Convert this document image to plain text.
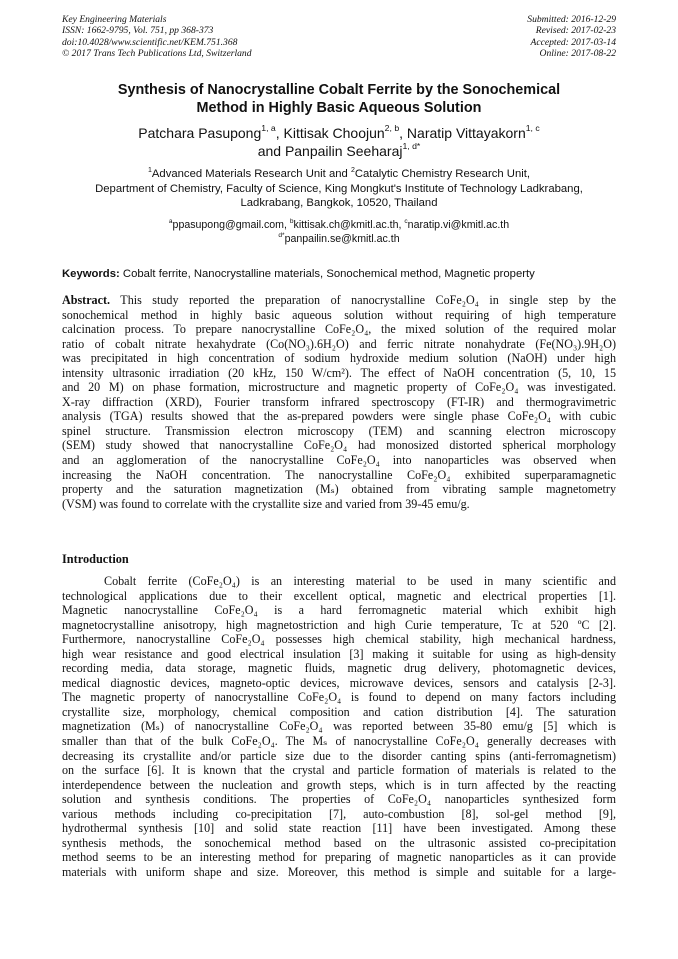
Key Engineering Materials
ISSN: 1662-9795, Vol. 751, pp 368-373
doi:10.4028/www.scientific.net/KEM.751.368
© 2017 Trans Tech Publications Ltd, Switzerland
Submitted: 2016-12-29
Revised: 2017-02-23
Accepted: 2017-03-14
Online: 2017-08-22
Synthesis of Nanocrystalline Cobalt Ferrite by the Sonochemical
Method in Highly Basic Aqueous Solution
Patchara Pasupong$^{1, a}$, Kittisak Choojun$^{2, b}$, Naratip Vittayakorn$^{1, c}$
and Panpailin Seeharaj$^{1, d*}$
$^1$Advanced Materials Research Unit and $^2$Catalytic Chemistry Research Unit,
Department of Chemistry, Faculty of Science, King Mongkut's Institute of Technology Ladkrabang,
Ladkrabang, Bangkok, 10520, Thailand
$^a$ppasupong@gmail.com, $^b$kittisak.ch@kmitl.ac.th, $^c$naratip.vi@kmitl.ac.th
$^{d*}$panpailin.se@kmitl.ac.th
Keywords: Cobalt ferrite, Nanocrystalline materials, Sonochemical method, Magnetic property
Abstract. This study reported the preparation of nanocrystalline CoFe₂O₄ in single step by the
sonochemical method in highly basic aqueous solution without requiring of high temperature
calcination process. To prepare nanocrystalline CoFe₂O₄, the mixed solution of the required molar
ratio of cobalt nitrate hexahydrate (Co(NO₃).6H₂O) and ferric nitrate nonahydrate (Fe(NO₃).9H₂O)
was precipitated in high concentration of sodium hydroxide medium solution (NaOH) under high
intensity ultrasonic irradiation (20 kHz, 150 W/cm²). The effect of NaOH concentration (5, 10, 15
and 20 M) on phase formation, microstructure and magnetic property of CoFe₂O₄ was investigated.
X-ray diffraction (XRD), Fourier transform infrared spectroscopy (FT-IR) and thermogravimetric
analysis (TGA) results showed that the as-prepared powders were single phase CoFe₂O₄ with cubic
spinel structure. Transmission electron microscopy (TEM) and scanning electron microscopy
(SEM) study showed that nanocrystalline CoFe₂O₄ had monosized distorted spherical morphology
and an agglomeration of the nanocrystalline CoFe₂O₄ into nanoparticles was observed when
increasing the NaOH concentration. The nanocrystalline CoFe₂O₄ exhibited superparamagnetic
property and the saturation magnetization (Mₛ) obtained from vibrating sample magnetometry
(VSM) was found to correlate with the crystallite size and varied from 39-45 emu/g.
Introduction
Cobalt ferrite (CoFe₂O₄) is an interesting material to be used in many scientific and
technological applications due to their excellent optical, magnetic and electrical properties [1].
Magnetic nanocrystalline CoFe₂O₄ is a hard ferromagnetic material which exhibit high
magnetocrystalline anisotropy, high magnetostriction and high Curie temperature, Tc at 520 ºC [2].
Furthermore, nanocrystalline CoFe₂O₄ possesses high chemical stability, high mechanical hardness,
high wear resistance and good electrical insulation [3] making it suitable for using as high-density
recording media, data storage, magnetic fluids, magnetic drug delivery, photomagnetic devices,
medical diagnostic devices, magneto-optic devices, microwave devices, sensors and catalysis [2-3].
The magnetic property of nanocrystalline CoFe₂O₄ is found to depend on many factors including
crystallite size, morphology, chemical composition and cation distribution [4]. The saturation
magnetization (Mₛ) of nanocrystalline CoFe₂O₄ was reported between 35-80 emu/g [5] which is
smaller than that of the bulk CoFe₂O₄. The Mₛ of nanocrystalline CoFe₂O₄ generally decreases with
decreasing its crystallite and/or particle size due to the disorder canting spins (anti-ferromagnetism)
on the surface [6]. It is known that the crystal and particle formation of materials is related to the
interdependence between the nucleation and growth steps, which is in turn affected by the reacting
solution and synthesis conditions. The properties of CoFe₂O₄ nanoparticles synthesized form
various methods including co-precipitation [7], auto-combustion [8], sol-gel method [9],
hydrothermal synthesis [10] and solid state reaction [11] have been investigated. Among these
synthesis methods, the sonochemical method based on the ultrasonic assisted co-precipitation
method seems to be an interesting method for preparing of magnetic nanoparticles as it can provide
materials with uniform shape and size. Moreover, this method is simple and suitable for a large-
